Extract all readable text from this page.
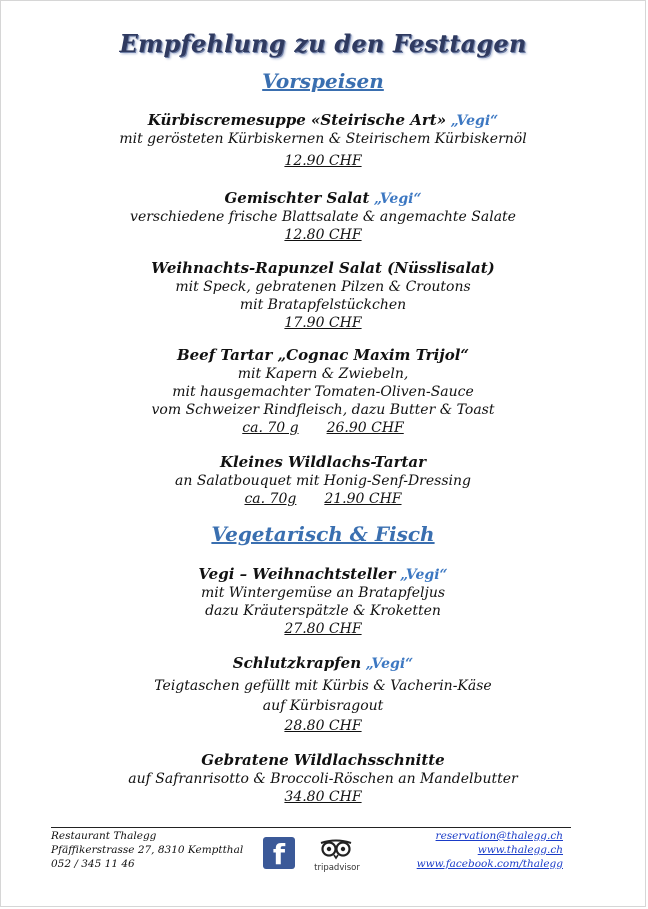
Empfehlung zu den Festtagen
Vorspeisen
Kürbiscremesuppe «Steirische Art» „Vegi“
mit gerösteten Kürbiskernen & Steirischem Kürbiskernöl
12.90 CHF
Gemischter Salat „Vegi“
verschiedene frische Blattsalate & angemachte Salate
12.80 CHF
Weihnachts-Rapunzel Salat (Nüsslisalat)
mit Speck, gebratenen Pilzen & Croutons
mit Bratapfelstückchen
17.90 CHF
Beef Tartar „Cognac Maxim Trijol“
mit Kapern & Zwiebeln,
mit hausgemachter Tomaten-Oliven-Sauce
vom Schweizer Rindfleisch, dazu Butter & Toast
ca. 70 g 26.90 CHF
Kleines Wildlachs-Tartar
an Salatbouquet mit Honig-Senf-Dressing
ca. 70g 21.90 CHF
Vegetarisch & Fisch
Vegi – Weihnachtsteller „Vegi“
mit Wintergemüse an Bratapfeljus
dazu Kräuterspätzle & Kroketten
27.80 CHF
Schlutzkrapfen „Vegi“
Teigtaschen gefüllt mit Kürbis & Vacherin-Käse
auf Kürbisragout
28.80 CHF
Gebratene Wildlachsschnitte
auf Safranrisotto & Broccoli-Röschen an Mandelbutter
34.80 CHF
Restaurant Thalegg
Pfäffikerstrasse 27, 8310 Kemptthal
052 / 345 11 46	f	tripadvisor
reservation@thalegg.ch
www.thalegg.ch
www.facebook.com/thalegg
